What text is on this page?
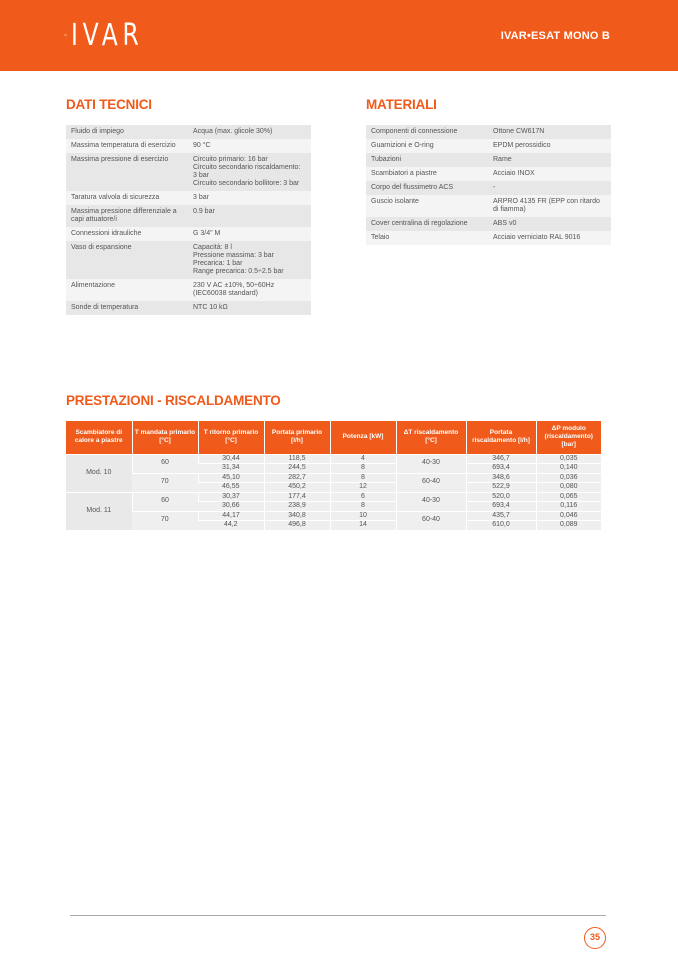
IVAR	IVAR•ESAT MONO B
DATI TECNICI	MATERIALI
Fluido di impiego	Acqua (max. glicole 30%)
Massima temperatura di esercizio	90 °C
Massima pressione di esercizio	Circuito primario: 16 bar
Circuito secondario riscaldamento: 3 bar
Circuito secondario bollitore: 3 bar
Taratura valvola di sicurezza	3 bar
Massima pressione differenziale a capi attuatore/i	0.9 bar
Connessioni idrauliche	G 3/4" M
Vaso di espansione	Capacità: 8 l
Pressione massima: 3 bar
Precarica: 1 bar
Range precarica: 0.5÷2.5 bar
Alimentazione	230 V AC ±10%, 50÷60Hz
(IEC60038 standard)
Sonde di temperatura	NTC 10 kΩ
Componenti di connessione	Ottone CW617N
Guarnizioni e O-ring	EPDM perossidico
Tubazioni	Rame
Scambiatori a piastre	Acciaio INOX
Corpo del flussimetro ACS	-
Guscio isolante	ARPRO 4135 FR (EPP con ritardo di fiamma)
Cover centralina di regolazione	ABS v0
Telaio	Acciaio verniciato RAL 9016
PRESTAZIONI - RISCALDAMENTO
Scambiatore di calore a piastre	T mandata primario [°C]	T ritorno primario [°C]	Portata primario [l/h]	Potenza [kW]	ΔT riscaldamento [°C]	Portata riscaldamento [l/h]	ΔP modulo (riscaldamento) [bar]
Mod. 10	60	30,44	118,5	4	40-30	346,7	0,035
		31,34	244,5	8		693,4	0,140
	70	45,10	282,7	8	60-40	348,6	0,036
		46,55	450,2	12		522,9	0,080
Mod. 11	60	30,37	177,4	6	40-30	520,0	0,065
		30,66	238,9	8		693,4	0,116
	70	44,17	340,8	10	60-40	435,7	0,046
		44,2	496,8	14		610,0	0,089
35
